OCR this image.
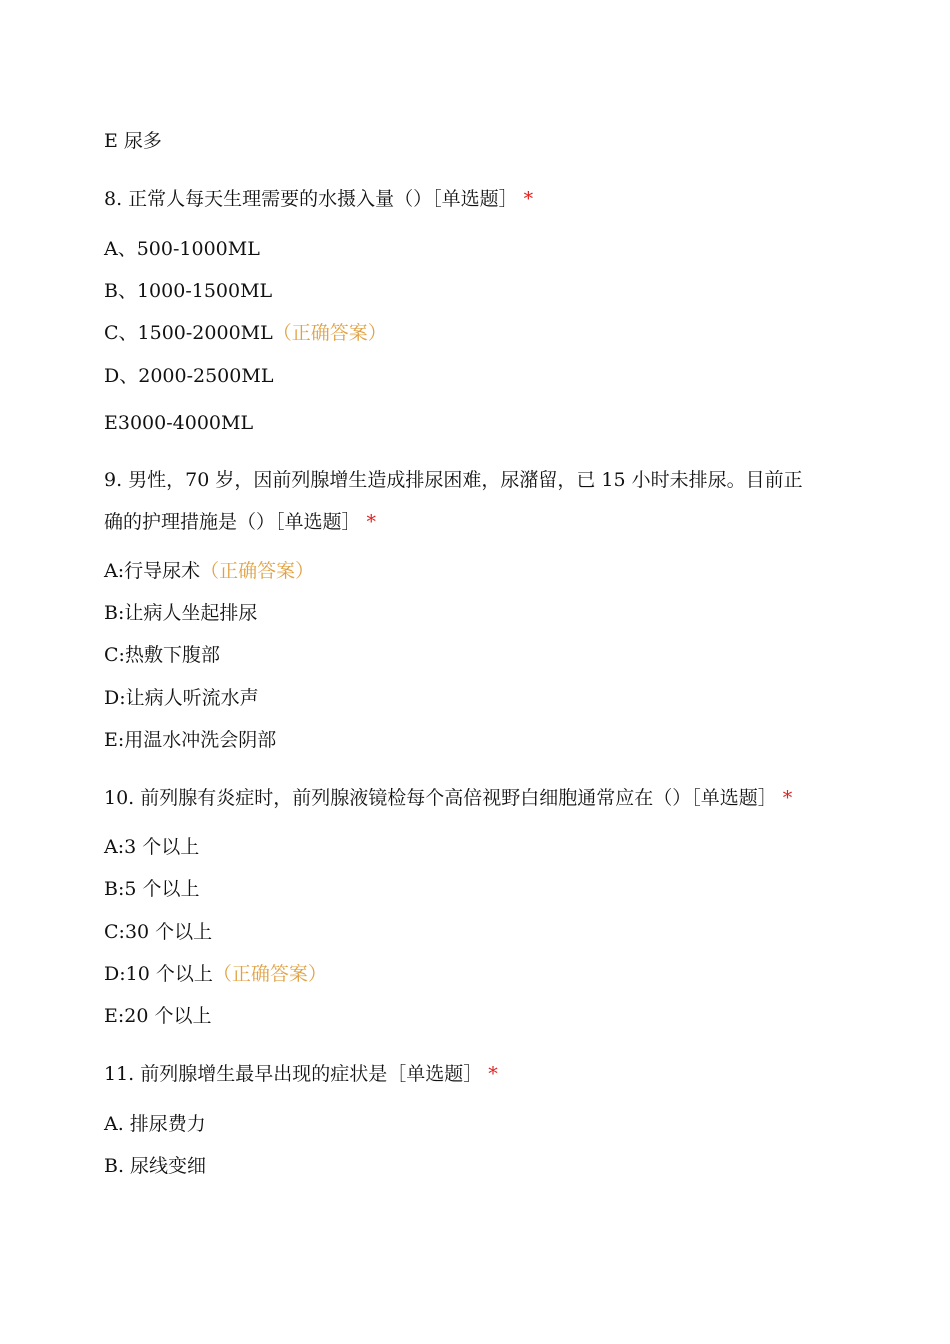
E 尿多
8. 正常人每天生理需要的水摄入量（）［单选题］ *
A、500-1000ML
B、1000-1500ML
C、1500-2000ML（正确答案）
D、2000-2500ML
E3000-4000ML
9. 男性，70 岁，因前列腺增生造成排尿困难，尿潴留，已 15 小时未排尿。目前正
确的护理措施是（）［单选题］ *
A:行导尿术（正确答案）
B:让病人坐起排尿
C:热敷下腹部
D:让病人听流水声
E:用温水冲洗会阴部
10. 前列腺有炎症时，前列腺液镜检每个高倍视野白细胞通常应在（）［单选题］ *
A:3 个以上
B:5 个以上
C:30 个以上
D:10 个以上（正确答案）
E:20 个以上
11. 前列腺增生最早出现的症状是［单选题］ *
A. 排尿费力
B. 尿线变细
